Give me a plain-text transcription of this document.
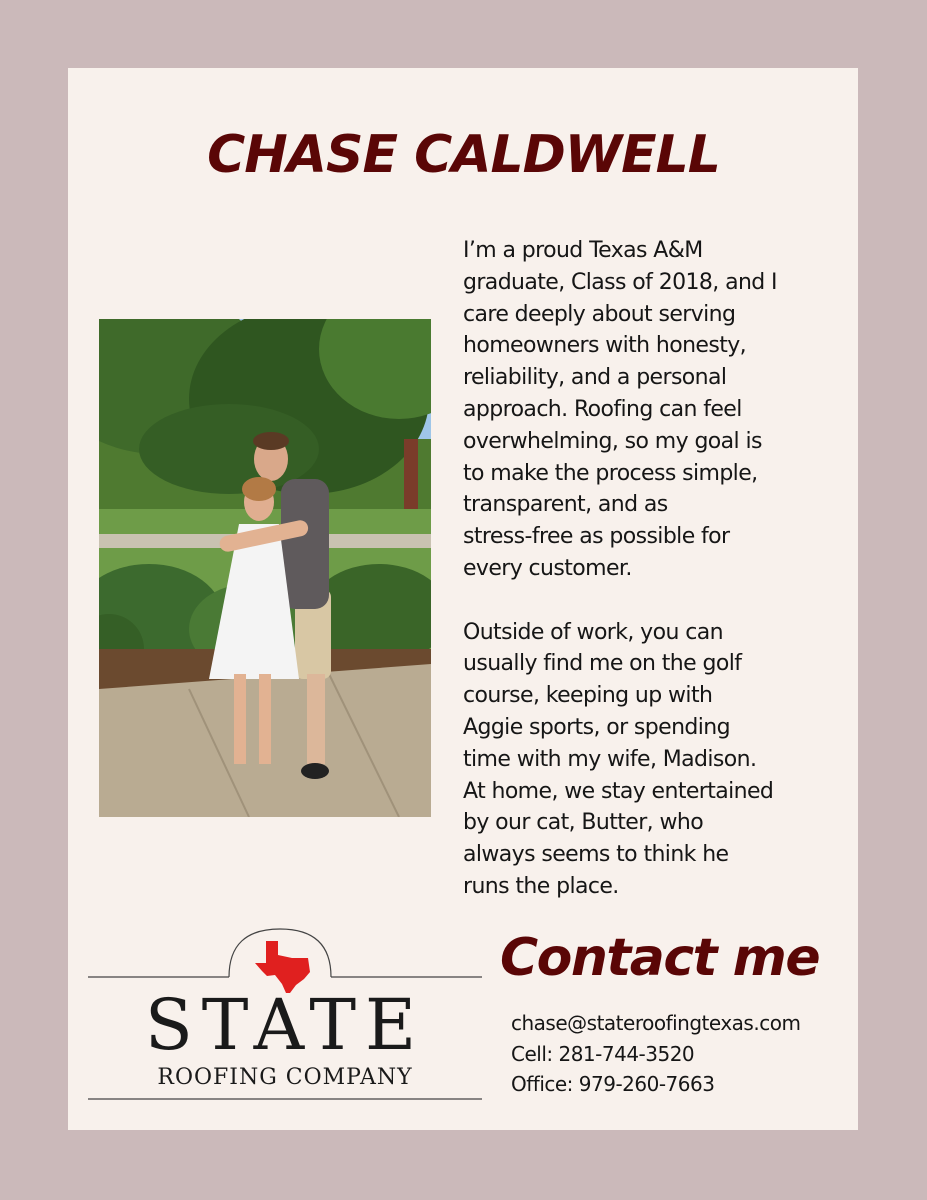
CHASE CALDWELL

I’m a proud Texas A&M
graduate, Class of 2018, and I
care deeply about serving
homeowners with honesty,
reliability, and a personal
approach. Roofing can feel
overwhelming, so my goal is
to make the process simple,
transparent, and as
stress-free as possible for
every customer.

Outside of work, you can
usually find me on the golf
course, keeping up with
Aggie sports, or spending
time with my wife, Madison.
At home, we stay entertained
by our cat, Butter, who
always seems to think he
runs the place.

STATE
ROOFING COMPANY
Contact me
chase@stateroofingtexas.com
Cell: 281-744-3520
Office: 979-260-7663
